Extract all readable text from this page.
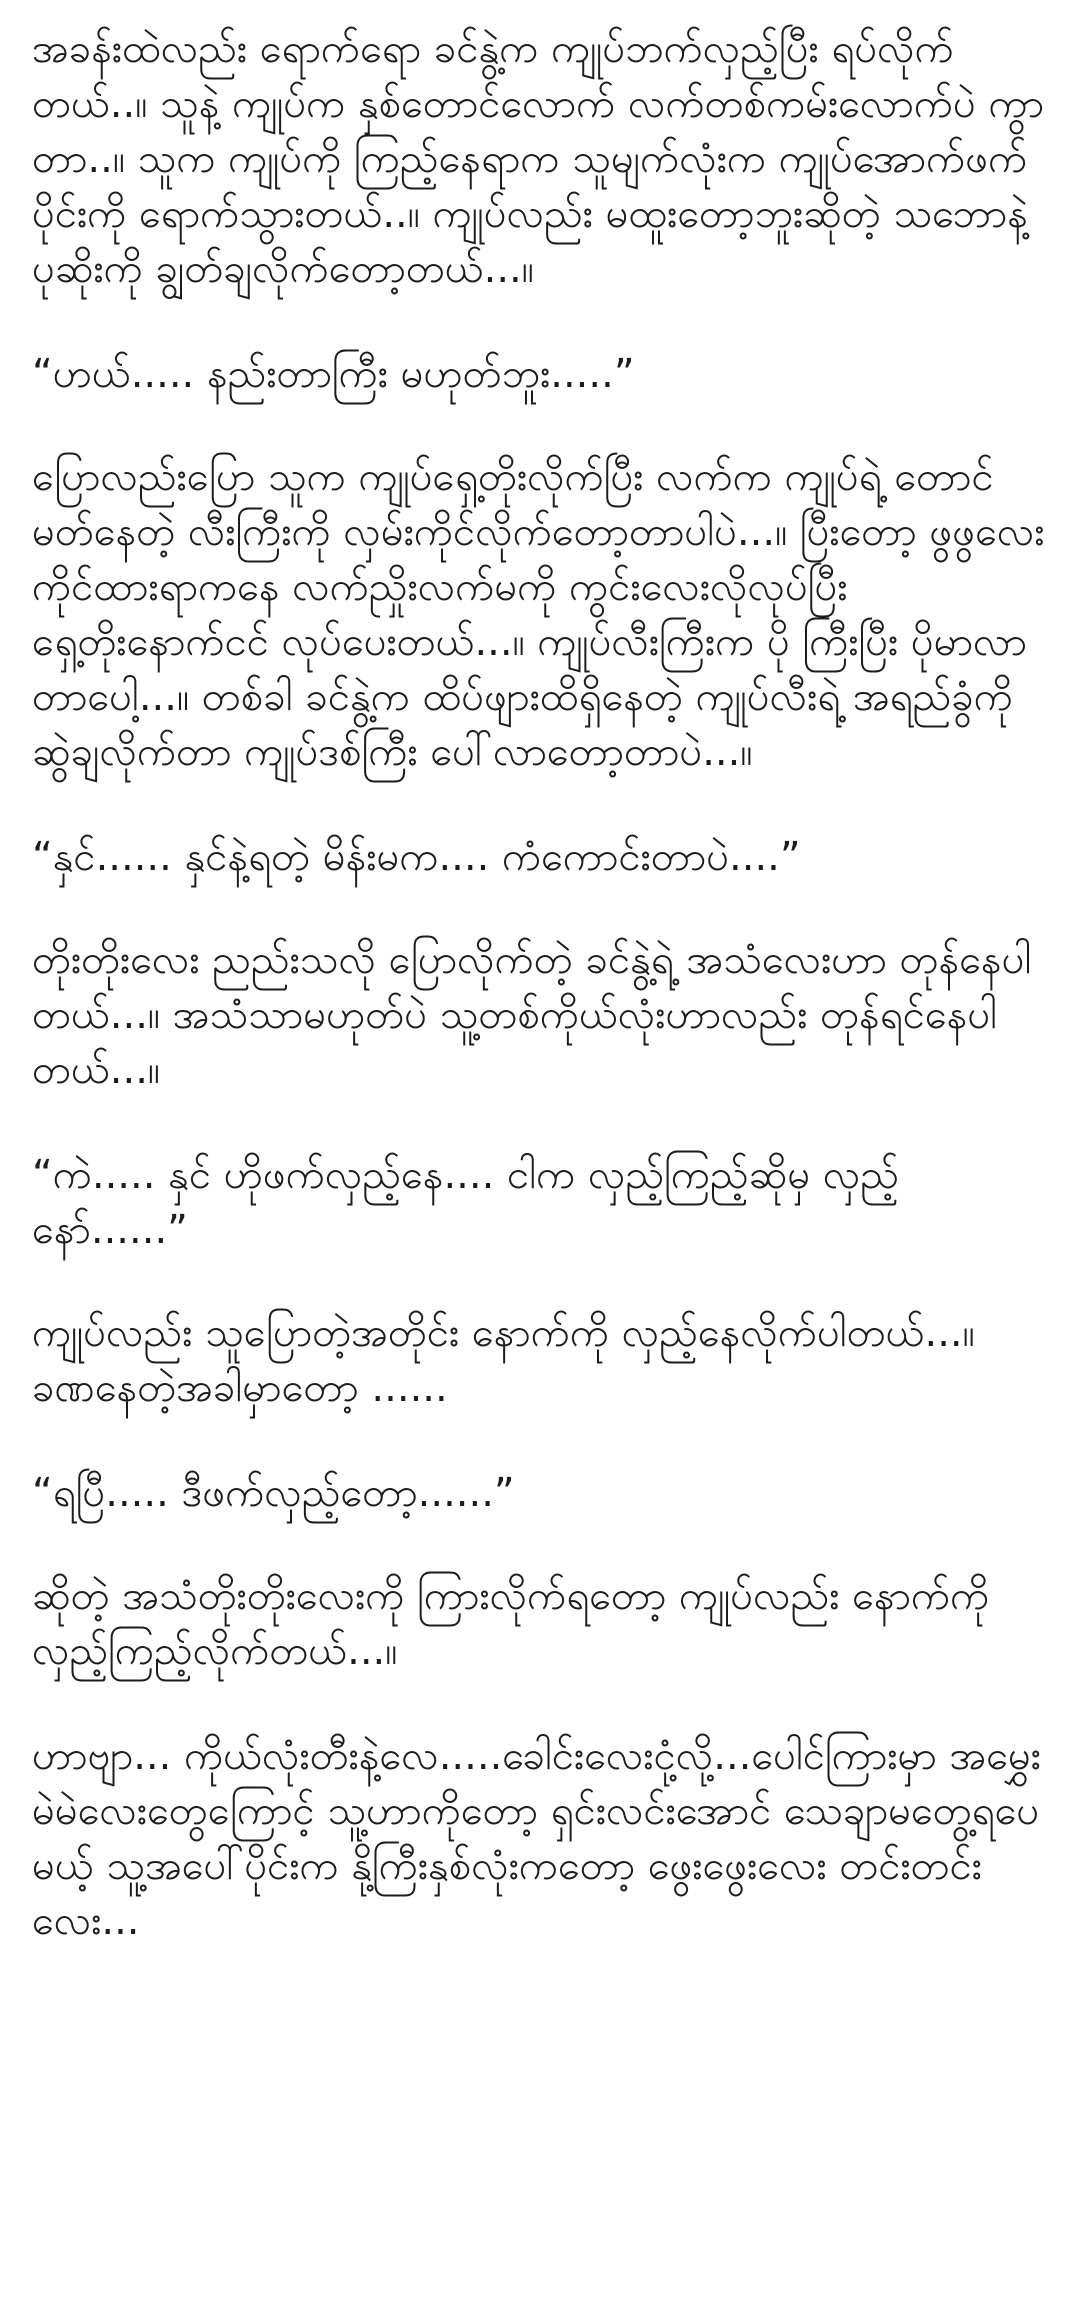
အခန်းထဲလည်း ရောက်ရော ခင်နွဲ့က ကျုပ်ဘက်လှည့်ပြီး ရပ်လိုက်တယ်..။ သူနဲ့ ကျုပ်က နှစ်တောင်လောက် လက်တစ်ကမ်းလောက်ပဲ ကွာတာ..။ သူက ကျုပ်ကို ကြည့်နေရာက သူမျက်လုံးက ကျုပ်အောက်ဖက်ပိုင်းကို ရောက်သွားတယ်..။ ကျုပ်လည်း မထူးတော့ဘူးဆိုတဲ့ သဘောနဲ့ ပုဆိုးကို ချွတ်ချလိုက်တော့တယ်...။

“ဟယ်..... နည်းတာကြီး မဟုတ်ဘူး.....”

ပြောလည်းပြော သူက ကျုပ်ရှေ့တိုးလိုက်ပြီး လက်က ကျုပ်ရဲ့ တောင်မတ်နေတဲ့ လီးကြီးကို လှမ်းကိုင်လိုက်တော့တာပါပဲ...။ ပြီးတော့ ဖွဖွလေး ကိုင်ထားရာကနေ လက်ညှိုးလက်မကို ကွင်းလေးလိုလုပ်ပြီး ရှေ့တိုးနောက်ငင် လုပ်ပေးတယ်...။ ကျုပ်လီးကြီးက ပို ကြီးပြီး ပိုမာလာတာပေါ့...။ တစ်ခါ ခင်နွဲ့က ထိပ်ဖျားထိရှိနေတဲ့ ကျုပ်လီးရဲ့ အရည်ခွံကို ဆွဲချလိုက်တာ ကျုပ်ဒစ်ကြီး ပေါ်လာတော့တာပဲ...။

“နှင်...... နှင်နဲ့ရတဲ့ မိန်းမက.... ကံကောင်းတာပဲ....”

တိုးတိုးလေး ညည်းသလို ပြောလိုက်တဲ့ ခင်နွဲ့ရဲ့ အသံလေးဟာ တုန်နေပါတယ်...။ အသံသာမဟုတ်ပဲ သူ့တစ်ကိုယ်လုံးဟာလည်း တုန်ရင်နေပါတယ်...။

“ကဲ..... နှင် ဟိုဖက်လှည့်နေ.... ငါက လှည့်ကြည့်ဆိုမှ လှည့်နော်......”

ကျုပ်လည်း သူပြောတဲ့အတိုင်း နောက်ကို လှည့်နေလိုက်ပါတယ်...။ ခဏနေတဲ့အခါမှာတော့ ......

“ရပြီ..... ဒီဖက်လှည့်တော့......”

ဆိုတဲ့ အသံတိုးတိုးလေးကို ကြားလိုက်ရတော့ ကျုပ်လည်း နောက်ကို လှည့်ကြည့်လိုက်တယ်...။

ဟာဗျာ... ကိုယ်လုံးတီးနဲ့လေ.....ခေါင်းလေးငုံ့လို့...ပေါင်ကြားမှာ အမွှေးမဲမဲလေးတွေကြောင့် သူ့ဟာကိုတော့ ရှင်းလင်းအောင် သေချာမတွေ့ရပေမယ့် သူ့အပေါ်ပိုင်းက နို့ကြီးနှစ်လုံးကတော့ ဖွေးဖွေးလေး တင်းတင်းလေး...
